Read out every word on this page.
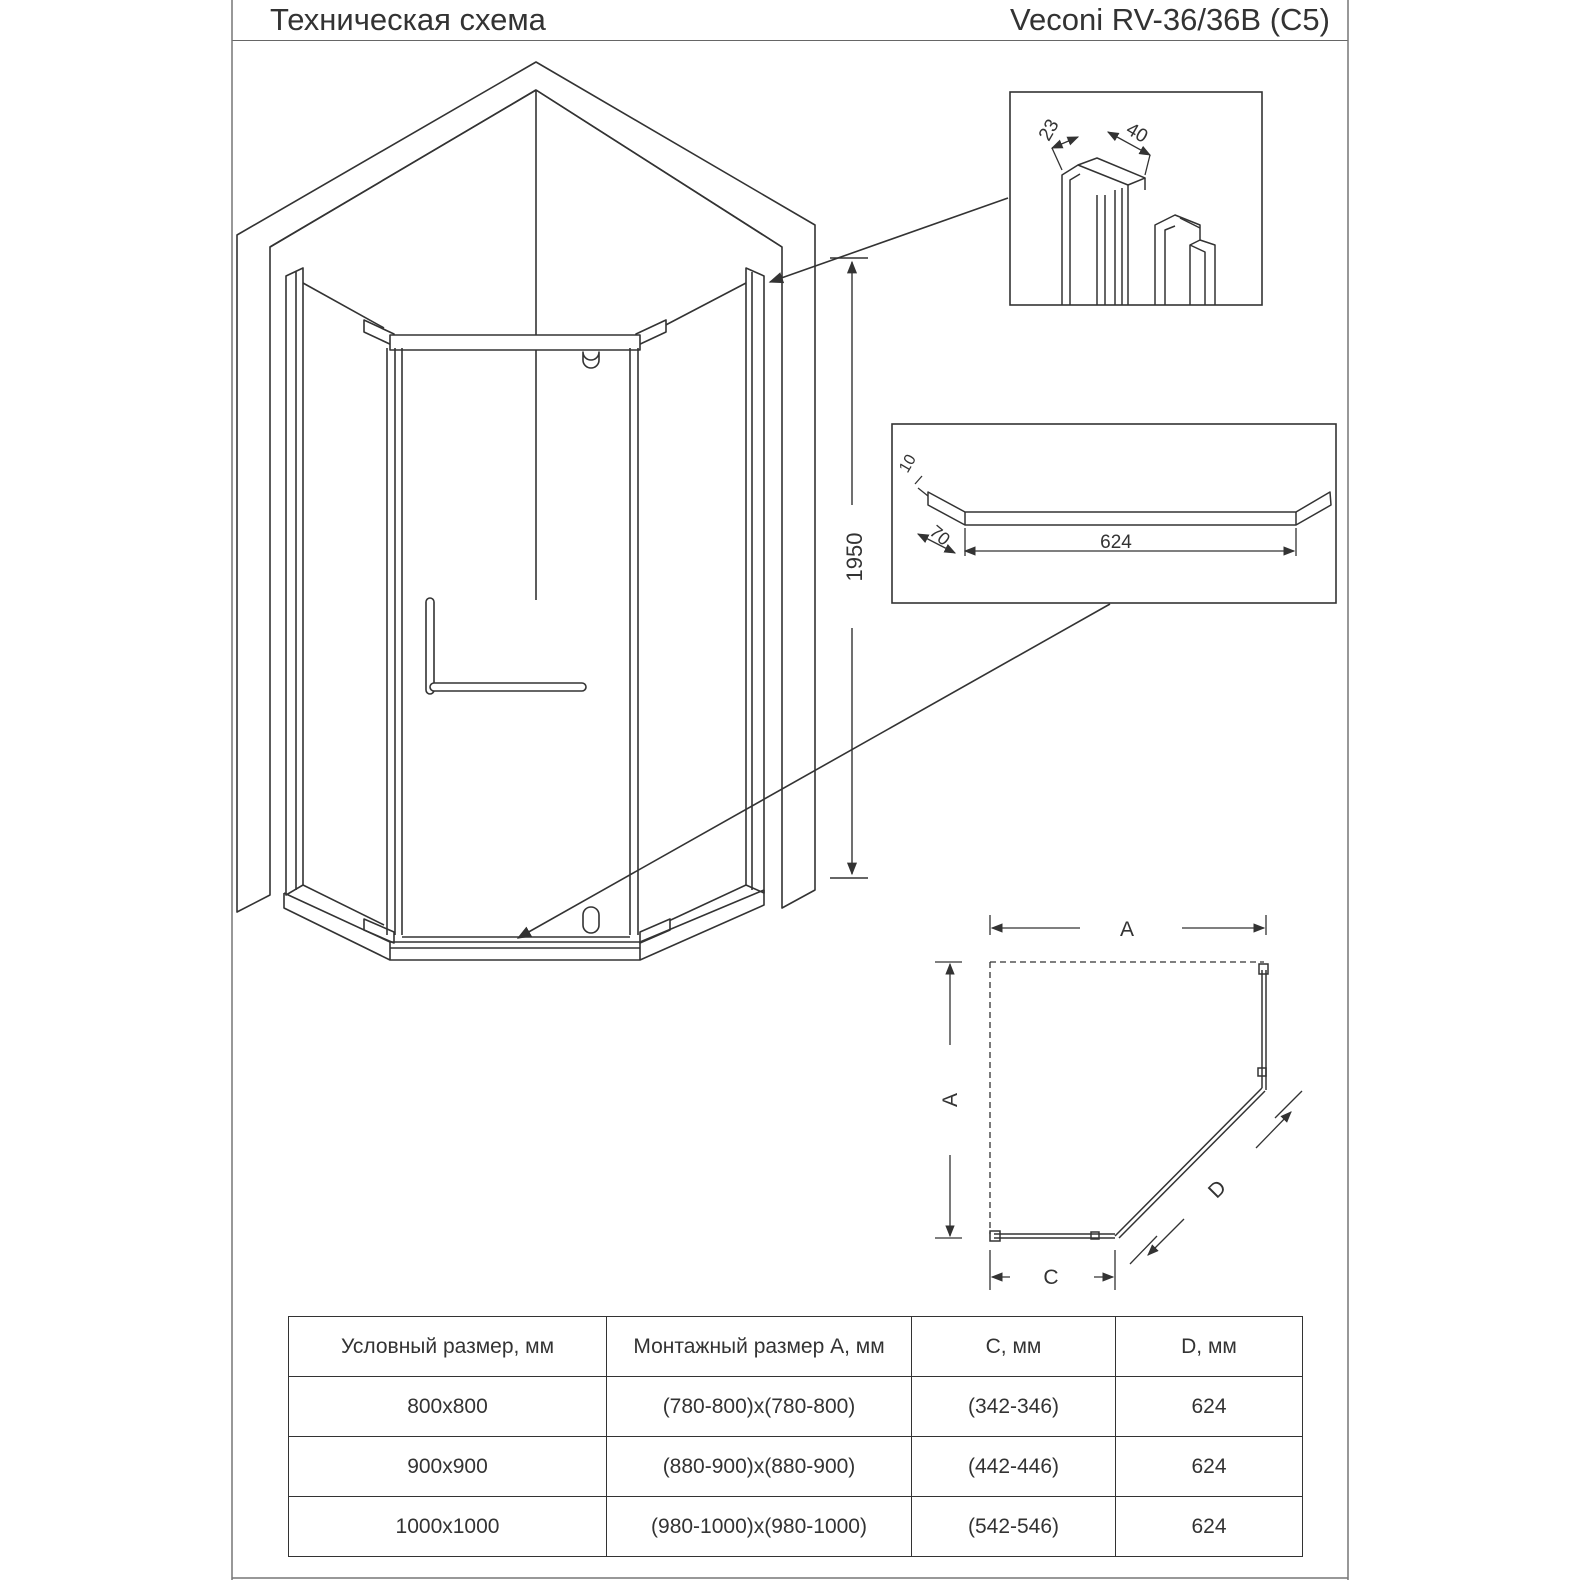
Техническая схема	Veconi RV-36/36B (C5)
1950
23	40
624
70
10
A
A
C
D
Условный размер, мм	Монтажный размер A, мм	C, мм	D, мм
800x800	(780-800)x(780-800)	(342-346)	624
900x900	(880-900)x(880-900)	(442-446)	624
1000x1000	(980-1000)x(980-1000)	(542-546)	624
